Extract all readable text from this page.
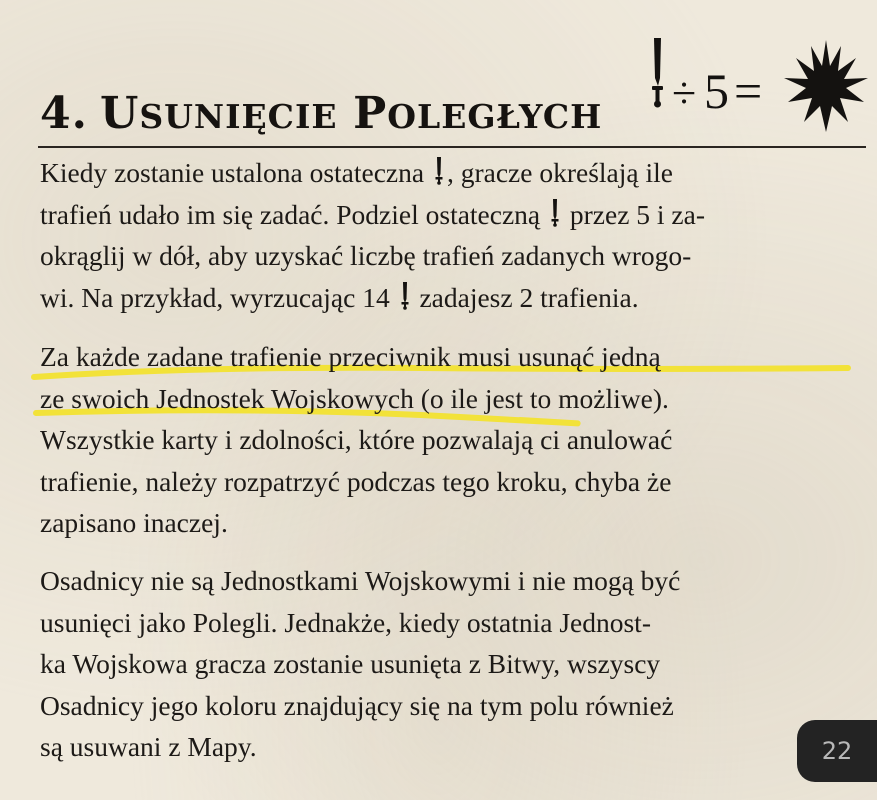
÷ 5 =
4. USUNIĘCIE POLEGŁYCH
Kiedy zostanie ustalona ostateczna , gracze określają ile
trafień udało im się zadać. Podziel ostateczną  przez 5 i za-
okrąglij w dół, aby uzyskać liczbę trafień zadanych wrogo-
wi. Na przykład, wyrzucając 14  zadajesz 2 trafienia.
Za każde zadane trafienie przeciwnik musi usunąć jedną
ze swoich Jednostek Wojskowych (o ile jest to możliwe).
Wszystkie karty i zdolności, które pozwalają ci anulować
trafienie, należy rozpatrzyć podczas tego kroku, chyba że
zapisano inaczej.
Osadnicy nie są Jednostkami Wojskowymi i nie mogą być
usunięci jako Polegli. Jednakże, kiedy ostatnia Jednost-
ka Wojskowa gracza zostanie usunięta z Bitwy, wszyscy
Osadnicy jego koloru znajdujący się na tym polu również
są usuwani z Mapy.	22
